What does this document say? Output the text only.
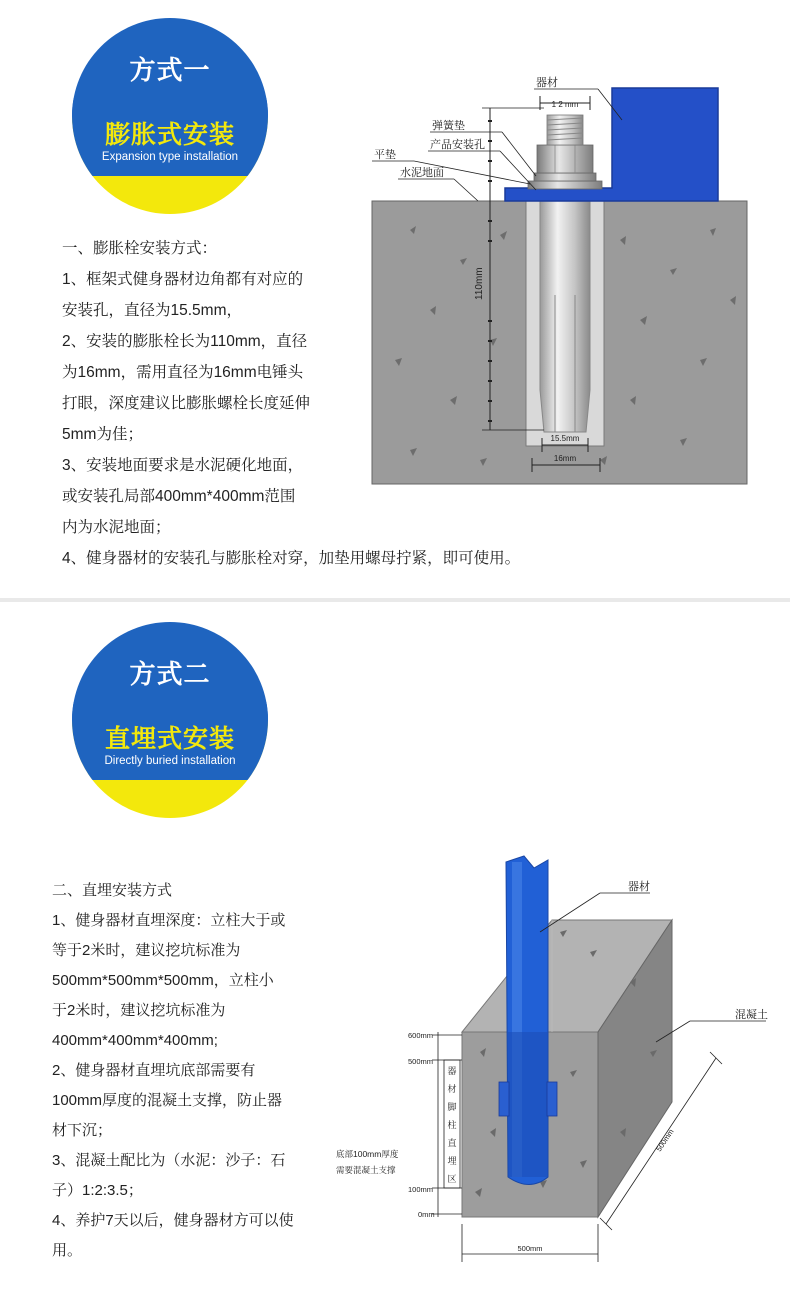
方式一
膨胀式安装
Expansion type installation

一、膨胀栓安装方式：

1、框架式健身器材边角都有对应的

安装孔，直径为15.5mm，

2、安装的膨胀栓长为110mm，直径

为16mm，需用直径为16mm电锤头

打眼，深度建议比膨胀螺栓长度延伸

5mm为佳；

3、安装地面要求是水泥硬化地面，

或安装孔局部400mm*400mm范围

内为水泥地面；

4、健身器材的安装孔与膨胀栓对穿，加垫用螺母拧紧，即可使用。

1 2 mm
器材
弹簧垫
产品安装孔
平垫
水泥地面
110mm
15.5mm
16mm
方式二
直埋式安装
Directly buried installation

二、直埋安装方式

1、健身器材直埋深度：立柱大于或

等于2米时，建议挖坑标准为

500mm*500mm*500mm，立柱小

于2米时，建议挖坑标准为

400mm*400mm*400mm;

2、健身器材直埋坑底部需要有

100mm厚度的混凝土支撑，防止器

材下沉；

3、混凝土配比为（水泥：沙子：石

子）1:2:3.5；

4、养护7天以后，健身器材方可以使

用。

器材
混凝土
600mm
500mm
100mm
0mm
器
材
脚
柱
直
埋
区
底部100mm厚度
需要混凝土支撑
500mm
500mm
